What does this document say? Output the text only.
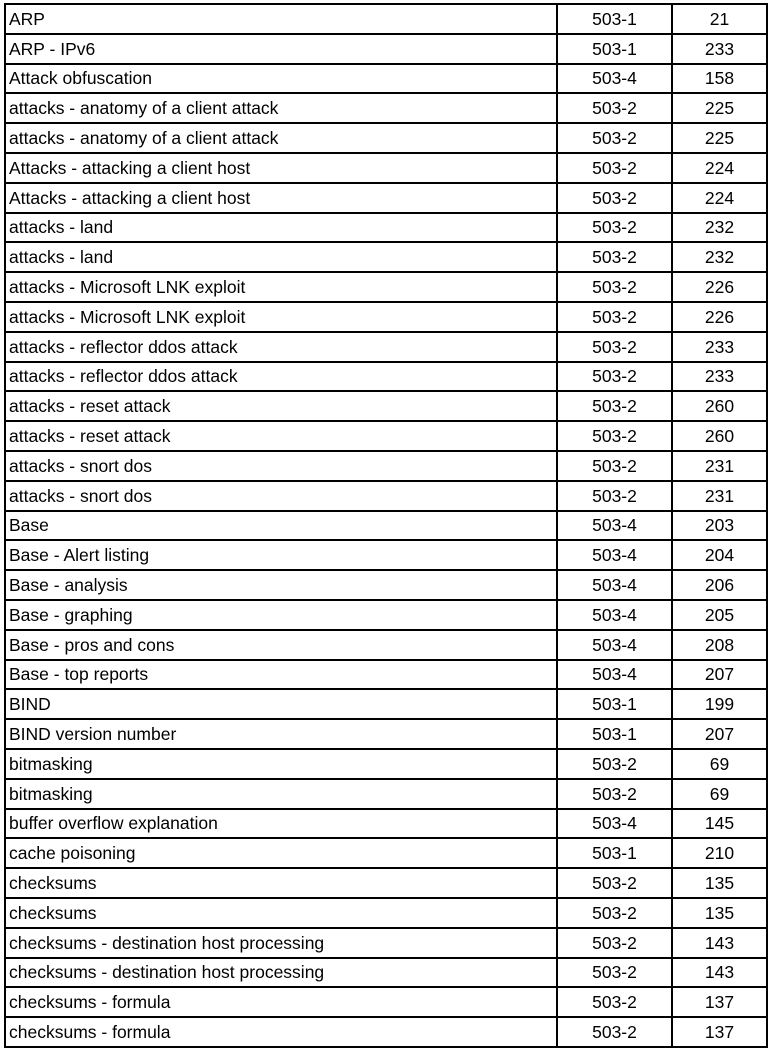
ARP	503-1	21
ARP - IPv6	503-1	233
Attack obfuscation	503-4	158
attacks - anatomy of a client attack	503-2	225
attacks - anatomy of a client attack	503-2	225
Attacks - attacking a client host	503-2	224
Attacks - attacking a client host	503-2	224
attacks - land	503-2	232
attacks - land	503-2	232
attacks - Microsoft LNK exploit	503-2	226
attacks - Microsoft LNK exploit	503-2	226
attacks - reflector ddos attack	503-2	233
attacks - reflector ddos attack	503-2	233
attacks - reset attack	503-2	260
attacks - reset attack	503-2	260
attacks - snort dos	503-2	231
attacks - snort dos	503-2	231
Base	503-4	203
Base - Alert listing	503-4	204
Base - analysis	503-4	206
Base - graphing	503-4	205
Base - pros and cons	503-4	208
Base - top reports	503-4	207
BIND	503-1	199
BIND version number	503-1	207
bitmasking	503-2	69
bitmasking	503-2	69
buffer overflow explanation	503-4	145
cache poisoning	503-1	210
checksums	503-2	135
checksums	503-2	135
checksums - destination host processing	503-2	143
checksums - destination host processing	503-2	143
checksums - formula	503-2	137
checksums - formula	503-2	137
